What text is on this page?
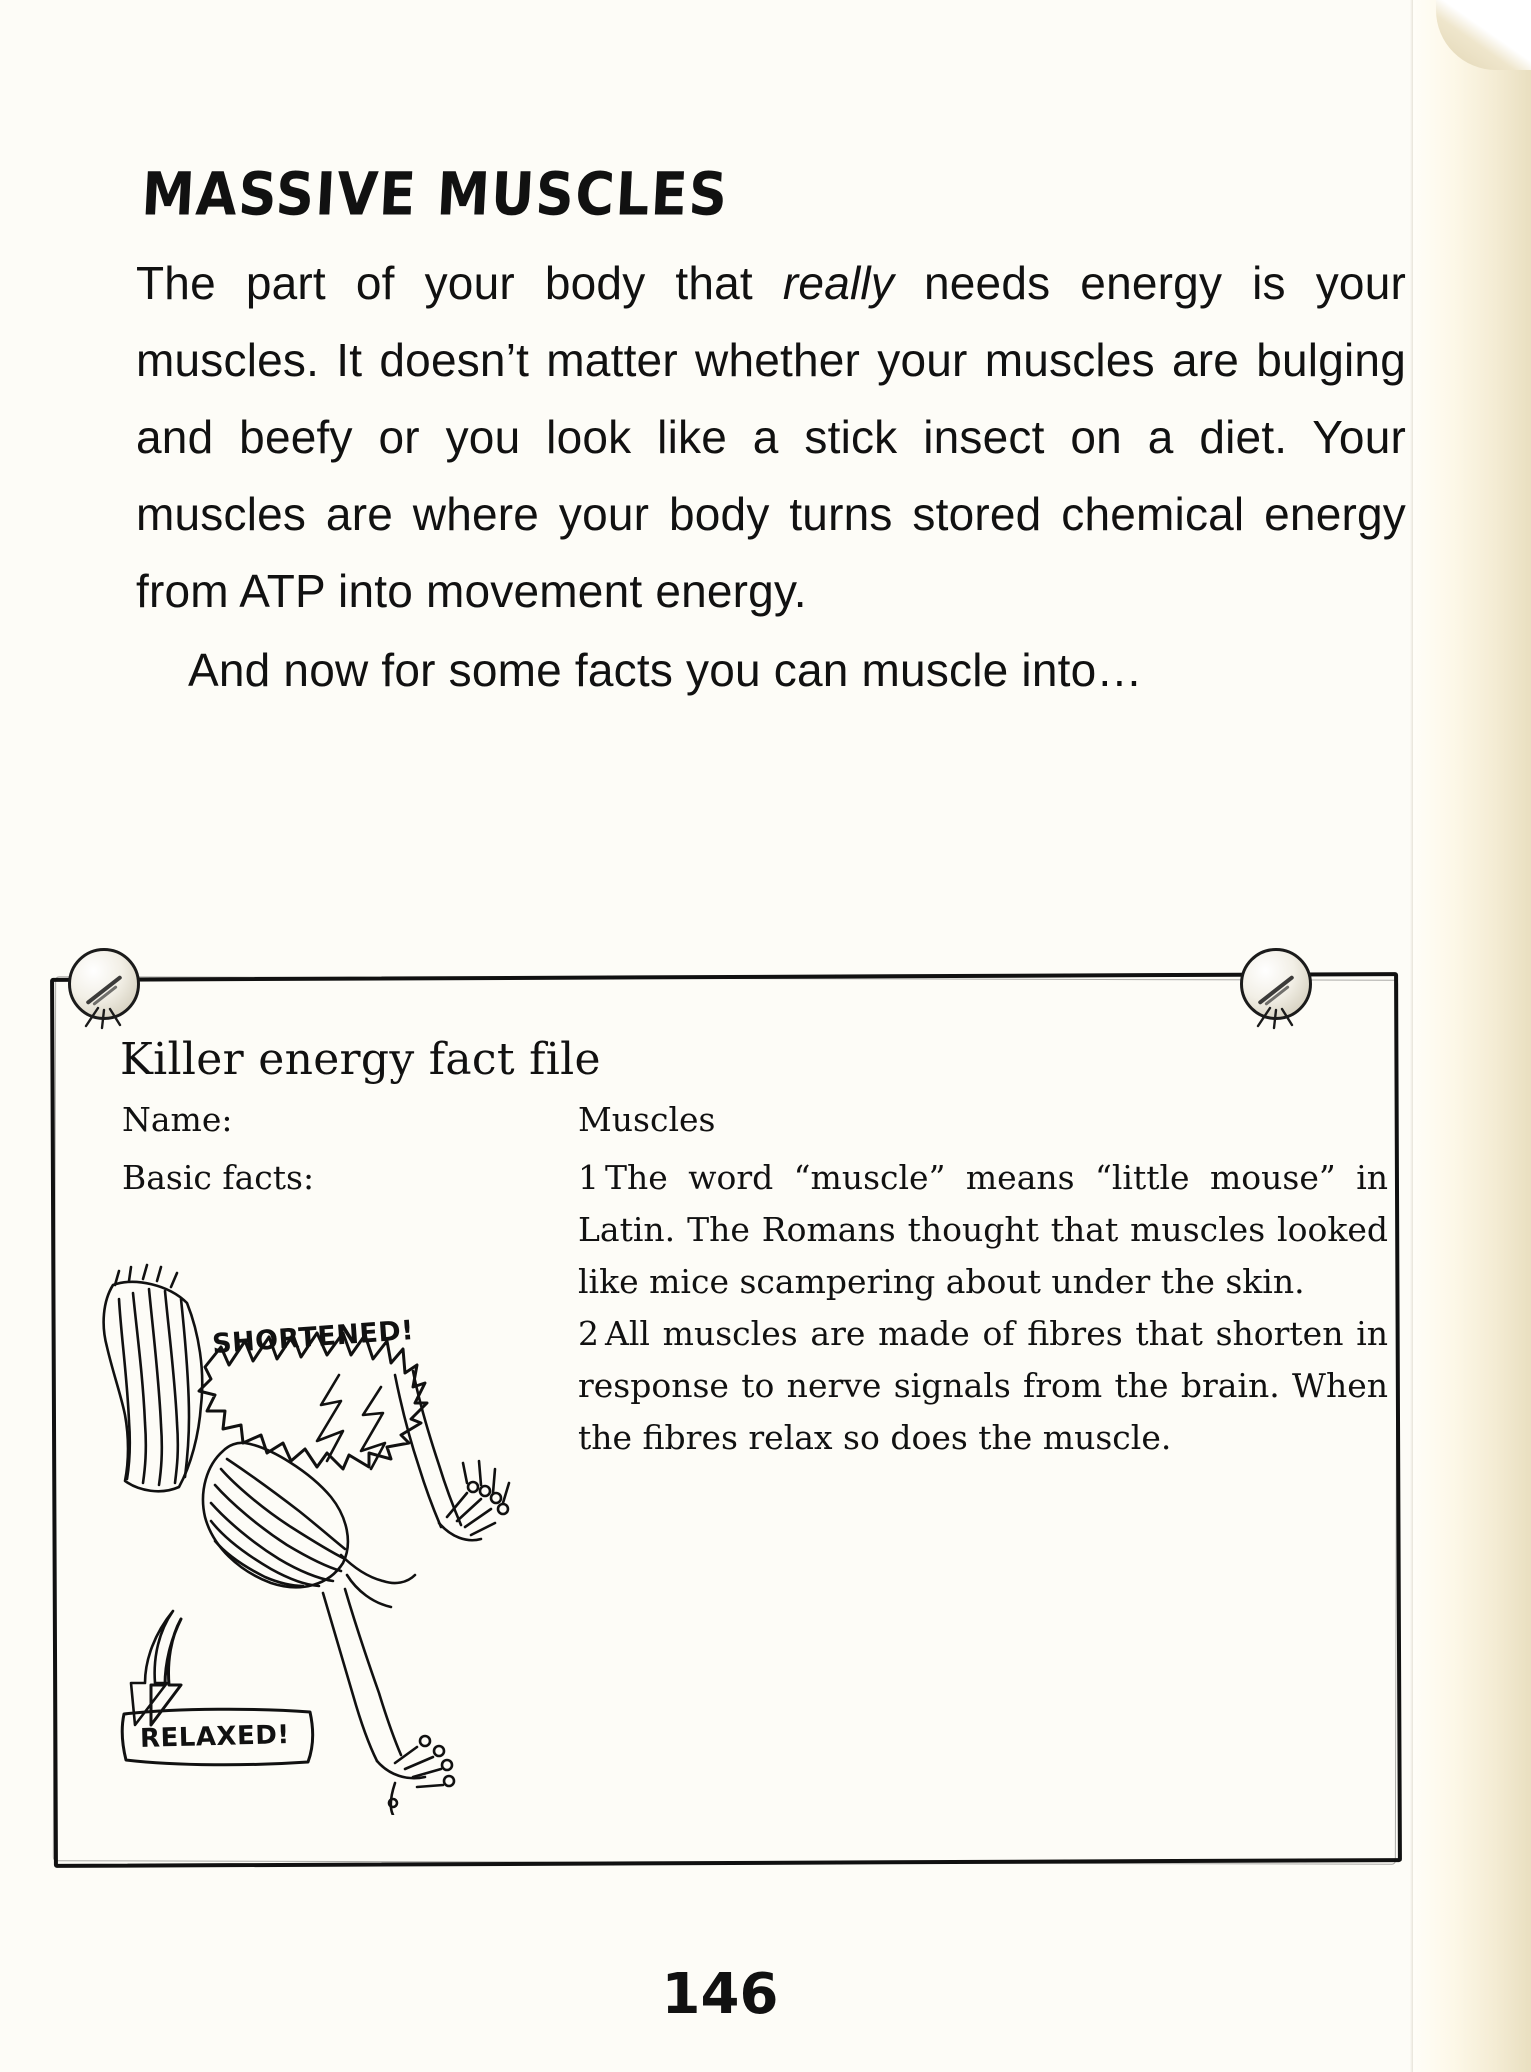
MASSIVE MUSCLES

The part of your body that really needs energy is your muscles. It doesn’t matter whether your muscles are bulging and beefy or you look like a stick insect on a diet. Your muscles are where your body turns stored chemical energy from ATP into movement energy.

And now for some facts you can muscle into…

Killer energy fact file
Name:
Basic facts:
Muscles

1 The word “muscle” means “little mouse” in Latin. The Romans thought that muscles looked like mice scampering about under the skin.

2 All muscles are made of fibres that shorten in response to nerve signals from the brain. When the fibres relax so does the muscle.

SHORTENED!
RELAXED!
146
